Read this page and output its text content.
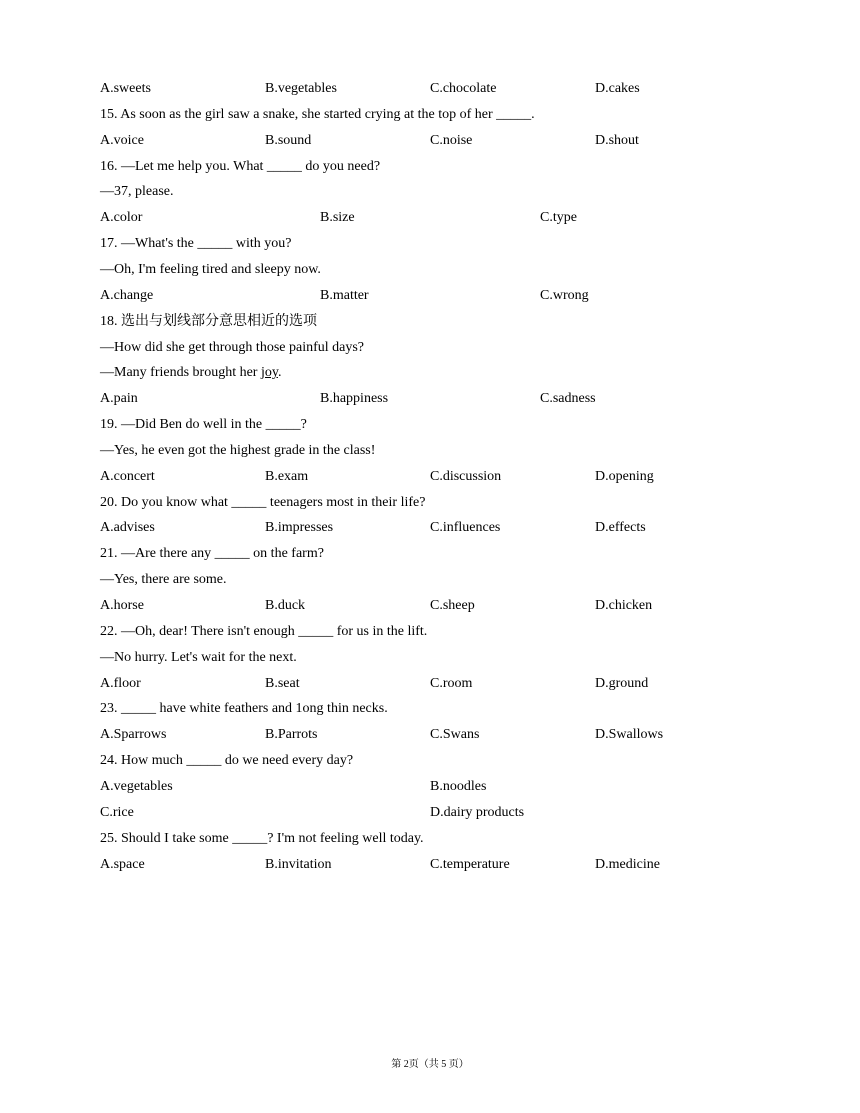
A.sweets	B.vegetables	C.chocolate	D.cakes
15. As soon as the girl saw a snake, she started crying at the top of her _____.
A.voice	B.sound	C.noise	D.shout
16. —Let me help you. What _____ do you need?
—37, please.
A.color	B.size	C.type
17. —What's the _____ with you?
—Oh, I'm feeling tired and sleepy now.
A.change	B.matter	C.wrong
18. 选出与划线部分意思相近的选项
—How did she get through those painful days?
—Many friends brought her joy.
A.pain	B.happiness	C.sadness
19. —Did Ben do well in the _____?
—Yes, he even got the highest grade in the class!
A.concert	B.exam	C.discussion	D.opening
20. Do you know what _____ teenagers most in their life?
A.advises	B.impresses	C.influences	D.effects
21. —Are there any _____ on the farm?
—Yes, there are some.
A.horse	B.duck	C.sheep	D.chicken
22. —Oh, dear! There isn't enough _____ for us in the lift.
—No hurry. Let's wait for the next.
A.floor	B.seat	C.room	D.ground
23. _____ have white feathers and 1ong thin necks.
A.Sparrows	B.Parrots	C.Swans	D.Swallows
24. How much _____ do we need every day?
A.vegetables	B.noodles
C.rice	D.dairy products
25. Should I take some _____? I'm not feeling well today.
A.space	B.invitation	C.temperature	D.medicine
第 2页（共 5 页）
